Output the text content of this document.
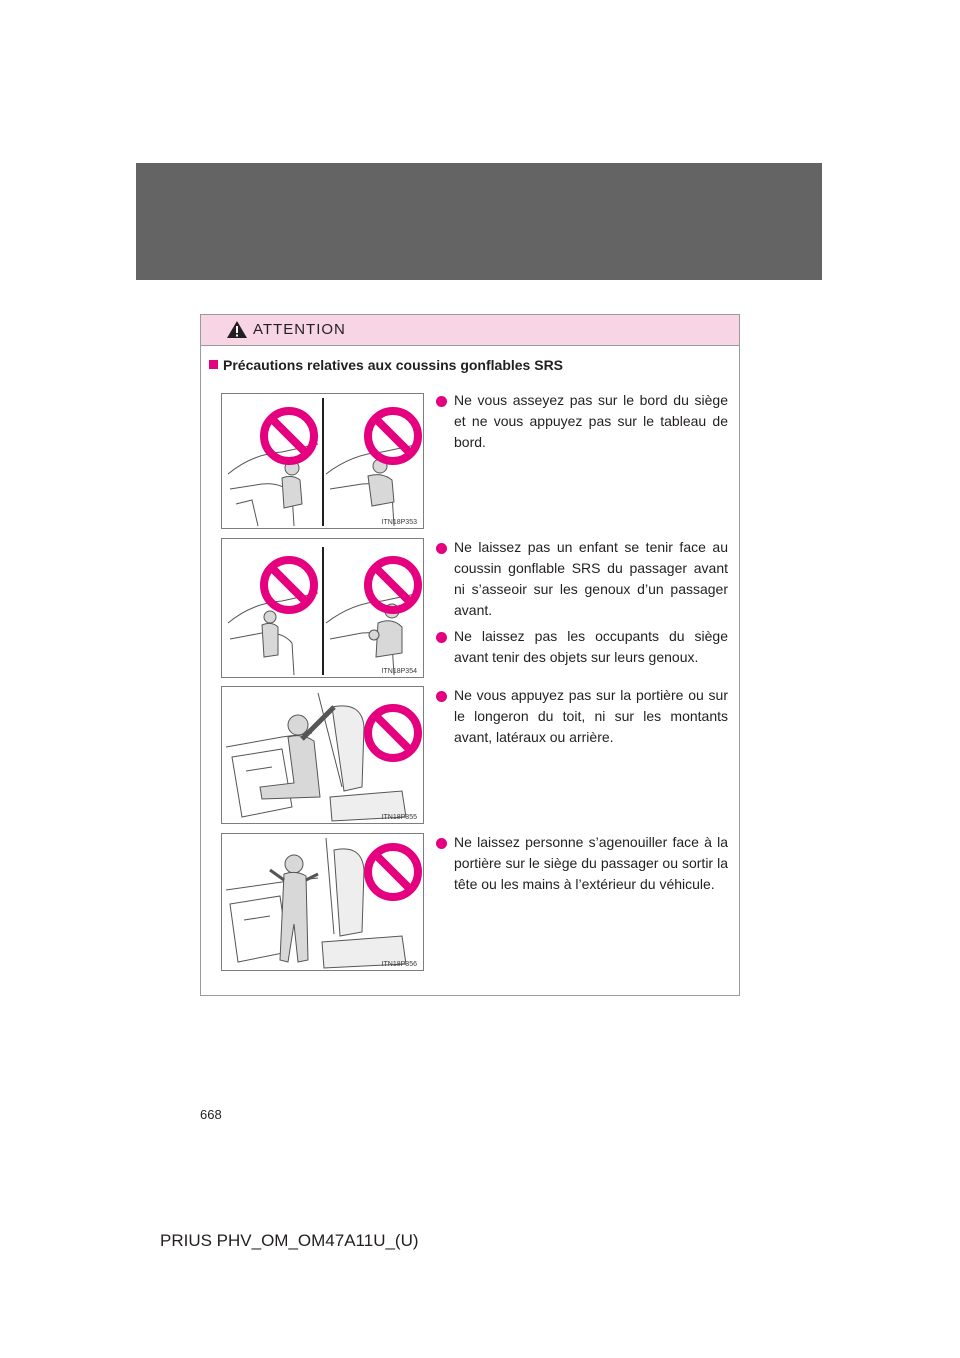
ATTENTION
Précautions relatives aux coussins gonflables SRS
ITN18P353
ITN18P354
ITN18P355
ITN18P356
Ne vous asseyez pas sur le bord du siège et ne vous appuyez pas sur le tableau de bord.
Ne laissez pas un enfant se tenir face au coussin gonflable SRS du passager avant ni s’asseoir sur les genoux d’un passager avant.
Ne laissez pas les occupants du siège avant tenir des objets sur leurs genoux.
Ne vous appuyez pas sur la portière ou sur le longeron du toit, ni sur les montants avant, latéraux ou arrière.
Ne laissez personne s’agenouiller face à la portière sur le siège du passager ou sortir la tête ou les mains à l’extérieur du véhicule.
668
PRIUS PHV_OM_OM47A11U_(U)
